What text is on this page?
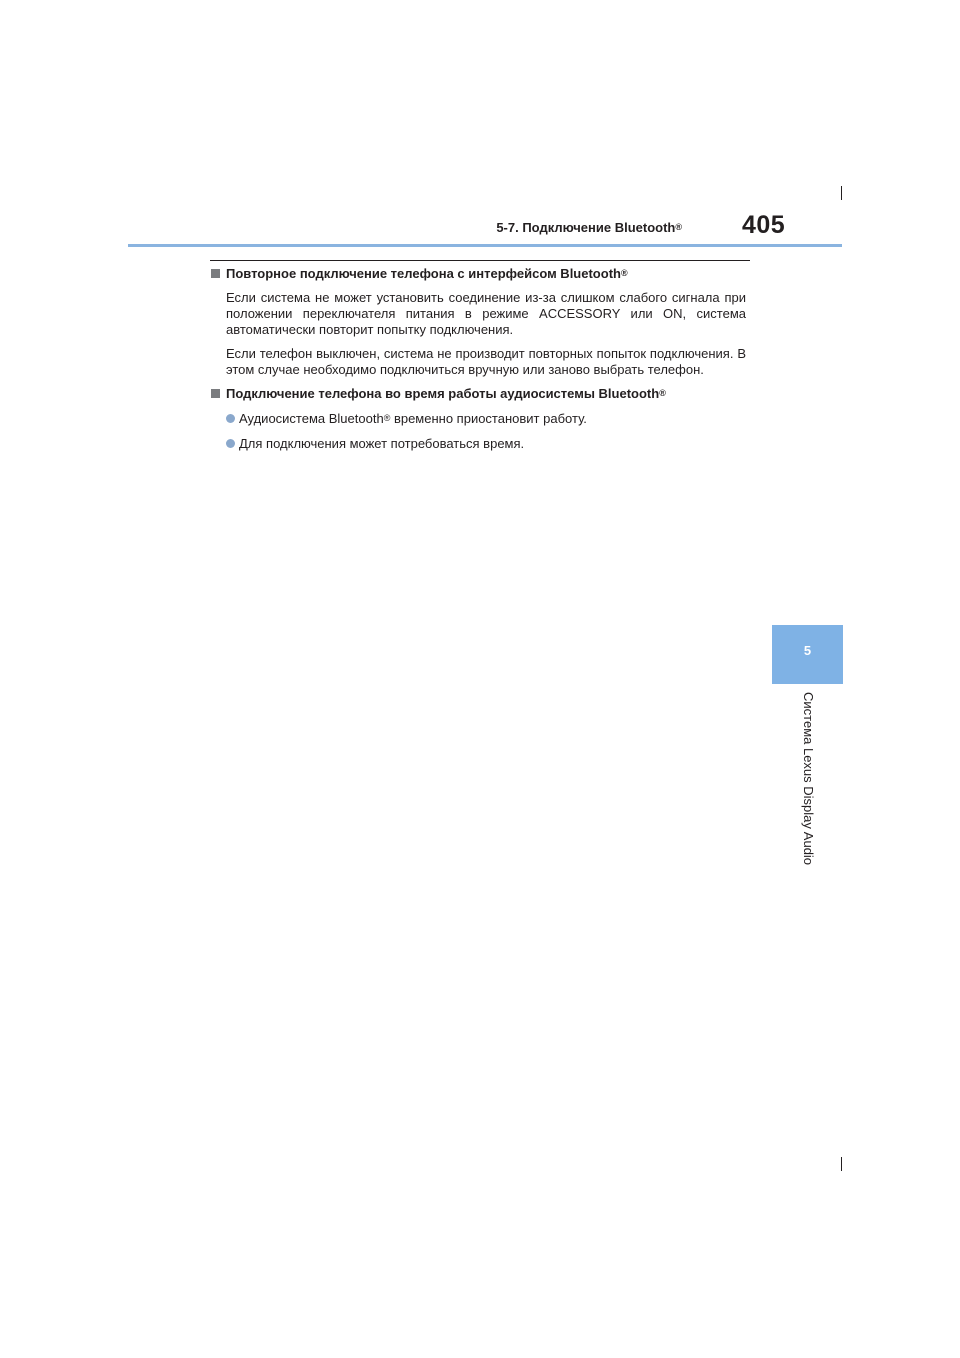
5-7. Подключение Bluetooth® 405

Повторное подключение телефона с интерфейсом Bluetooth®

Если система не может установить соединение из-за слишком слабого сигнала при положении переключателя питания в режиме ACCESSORY или ON, система автоматически повторит попытку подключения.

Если телефон выключен, система не производит повторных попыток подключения. В этом случае необходимо подключиться вручную или заново выбрать телефон.

Подключение телефона во время работы аудиосистемы Bluetooth®

Аудиосистема Bluetooth® временно приостановит работу.

Для подключения может потребоваться время.

5
Система Lexus Display Audio
